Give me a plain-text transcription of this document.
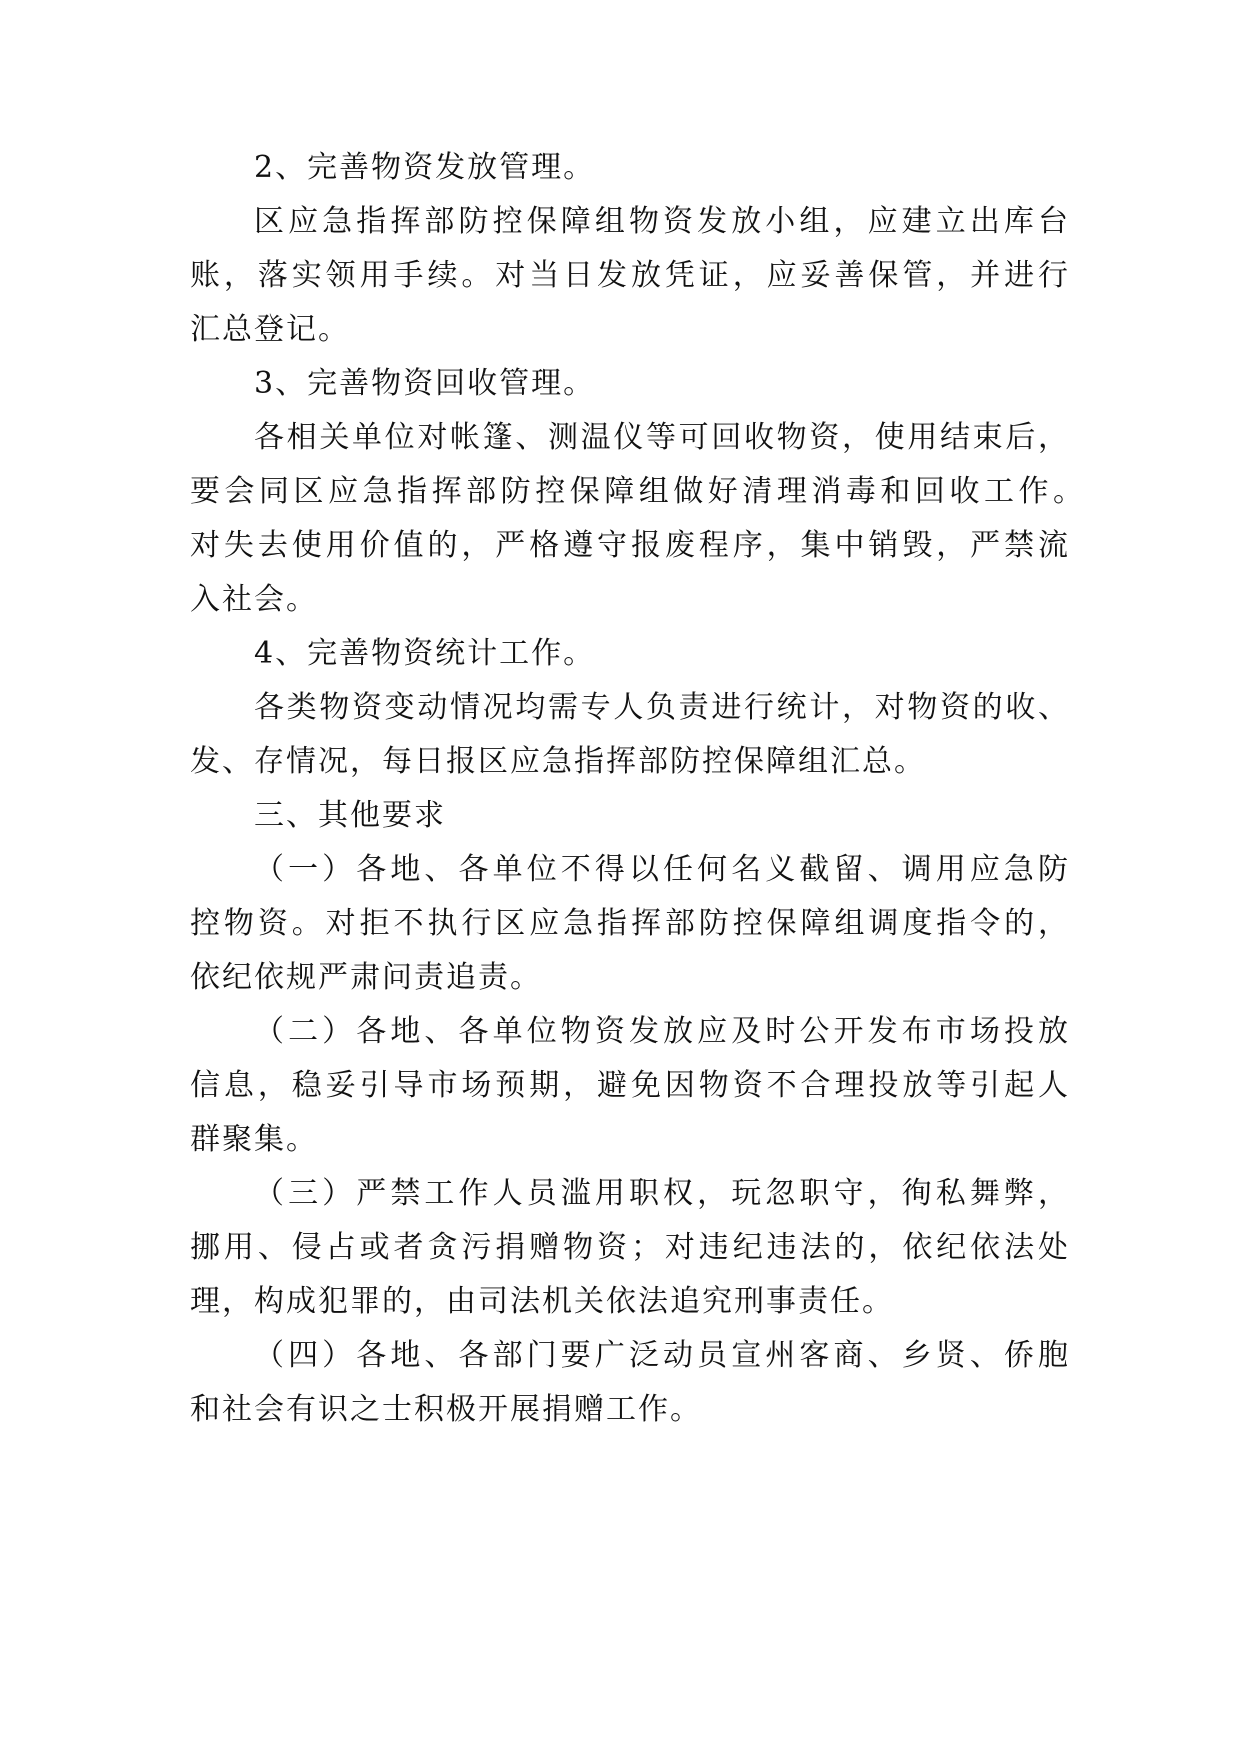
2、完善物资发放管理。
区应急指挥部防控保障组物资发放小组，应建立出库台
账，落实领用手续。对当日发放凭证，应妥善保管，并进行
汇总登记。
3、完善物资回收管理。
各相关单位对帐篷、测温仪等可回收物资，使用结束后，
要会同区应急指挥部防控保障组做好清理消毒和回收工作。
对失去使用价值的，严格遵守报废程序，集中销毁，严禁流
入社会。
4、完善物资统计工作。
各类物资变动情况均需专人负责进行统计，对物资的收、
发、存情况，每日报区应急指挥部防控保障组汇总。
三、其他要求
（一）各地、各单位不得以任何名义截留、调用应急防
控物资。对拒不执行区应急指挥部防控保障组调度指令的，
依纪依规严肃问责追责。
（二）各地、各单位物资发放应及时公开发布市场投放
信息，稳妥引导市场预期，避免因物资不合理投放等引起人
群聚集。
（三）严禁工作人员滥用职权，玩忽职守，徇私舞弊，
挪用、侵占或者贪污捐赠物资；对违纪违法的，依纪依法处
理，构成犯罪的，由司法机关依法追究刑事责任。
（四）各地、各部门要广泛动员宣州客商、乡贤、侨胞
和社会有识之士积极开展捐赠工作。
